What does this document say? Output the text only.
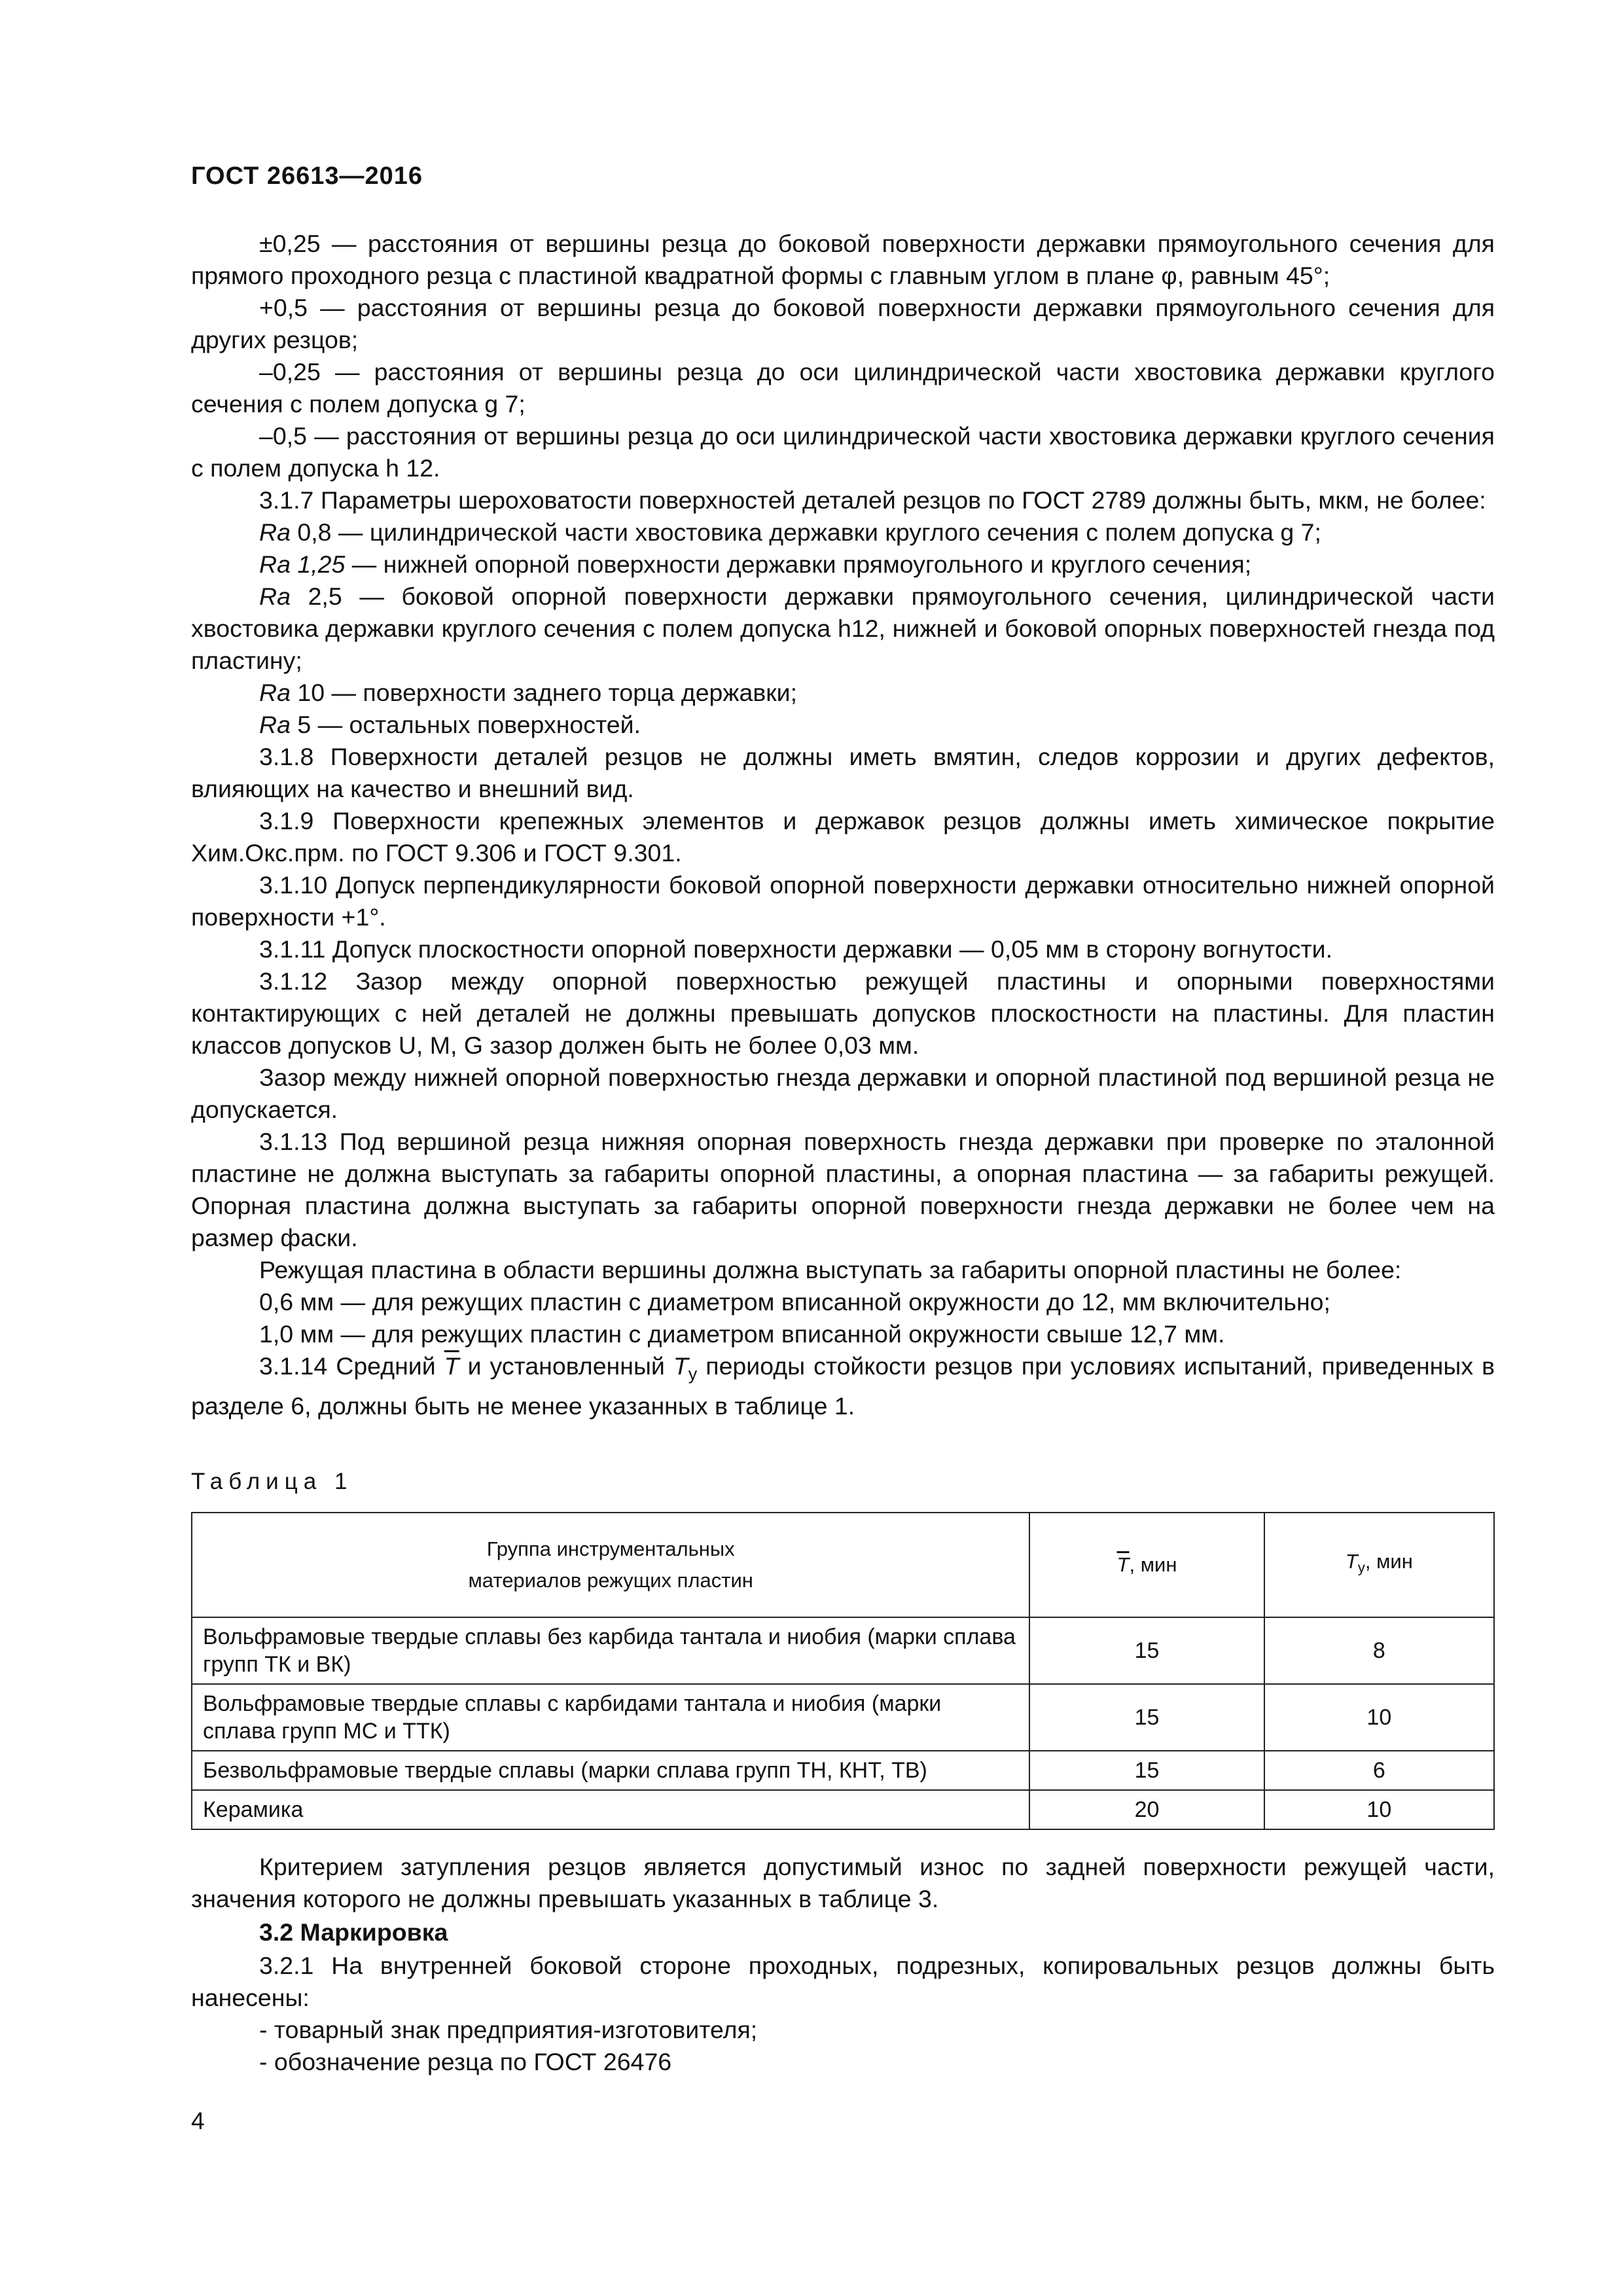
ГОСТ 26613—2016

±0,25 — расстояния от вершины резца до боковой поверхности державки прямоугольного сечения для прямого проходного резца с пластиной квадратной формы с главным углом в плане φ, равным 45°;

+0,5 — расстояния от вершины резца до боковой поверхности державки прямоугольного сечения для других резцов;

–0,25 — расстояния от вершины резца до оси цилиндрической части хвостовика державки круглого сечения с полем допуска g 7;

–0,5 — расстояния от вершины резца до оси цилиндрической части хвостовика державки круглого сечения с полем допуска h 12.

3.1.7 Параметры шероховатости поверхностей деталей резцов по ГОСТ 2789 должны быть, мкм, не более:

Ra 0,8 — цилиндрической части хвостовика державки круглого сечения с полем допуска g 7;

Ra 1,25 — нижней опорной поверхности державки прямоугольного и круглого сечения;

Ra 2,5 — боковой опорной поверхности державки прямоугольного сечения, цилиндрической части хвостовика державки круглого сечения с полем допуска h12, нижней и боковой опорных поверхностей гнезда под пластину;

Ra 10 — поверхности заднего торца державки;

Ra 5 — остальных поверхностей.

3.1.8 Поверхности деталей резцов не должны иметь вмятин, следов коррозии и других дефектов, влияющих на качество и внешний вид.

3.1.9 Поверхности крепежных элементов и державок резцов должны иметь химическое покрытие Хим.Окс.прм. по ГОСТ 9.306 и ГОСТ 9.301.

3.1.10 Допуск перпендикулярности боковой опорной поверхности державки относительно нижней опорной поверхности +1°.

3.1.11 Допуск плоскостности опорной поверхности державки — 0,05 мм в сторону вогнутости.

3.1.12 Зазор между опорной поверхностью режущей пластины и опорными поверхностями контактирующих с ней деталей не должны превышать допусков плоскостности на пластины. Для пластин классов допусков U, M, G зазор должен быть не более 0,03 мм.

Зазор между нижней опорной поверхностью гнезда державки и опорной пластиной под вершиной резца не допускается.

3.1.13 Под вершиной резца нижняя опорная поверхность гнезда державки при проверке по эталонной пластине не должна выступать за габариты опорной пластины, а опорная пластина — за габариты режущей. Опорная пластина должна выступать за габариты опорной поверхности гнезда державки не более чем на размер фаски.

Режущая пластина в области вершины должна выступать за габариты опорной пластины не более:

0,6 мм — для режущих пластин с диаметром вписанной окружности до 12, мм включительно;

1,0 мм — для режущих пластин с диаметром вписанной окружности свыше 12,7 мм.

3.1.14 Средний $\overline{T}$ и установленный $T_у$ периоды стойкости резцов при условиях испытаний, приведенных в разделе 6, должны быть не менее указанных в таблице 1.

Таблица 1

Группа инструментальных
материалов режущих пластин	$\overline{T}$, мин	$T_у$, мин
Вольфрамовые твердые сплавы без карбида тантала и ниобия (марки сплава групп ТК и ВК)	15	8
Вольфрамовые твердые сплавы с карбидами тантала и ниобия (марки сплава групп МС и ТТК)	15	10
Безвольфрамовые твердые сплавы (марки сплава групп ТН, КНТ, ТВ)	15	6
Керамика	20	10

Критерием затупления резцов является допустимый износ по задней поверхности режущей части, значения которого не должны превышать указанных в таблице 3.

3.2 Маркировка

3.2.1 На внутренней боковой стороне проходных, подрезных, копировальных резцов должны быть нанесены:

- товарный знак предприятия-изготовителя;

- обозначение резца по ГОСТ 26476

4
